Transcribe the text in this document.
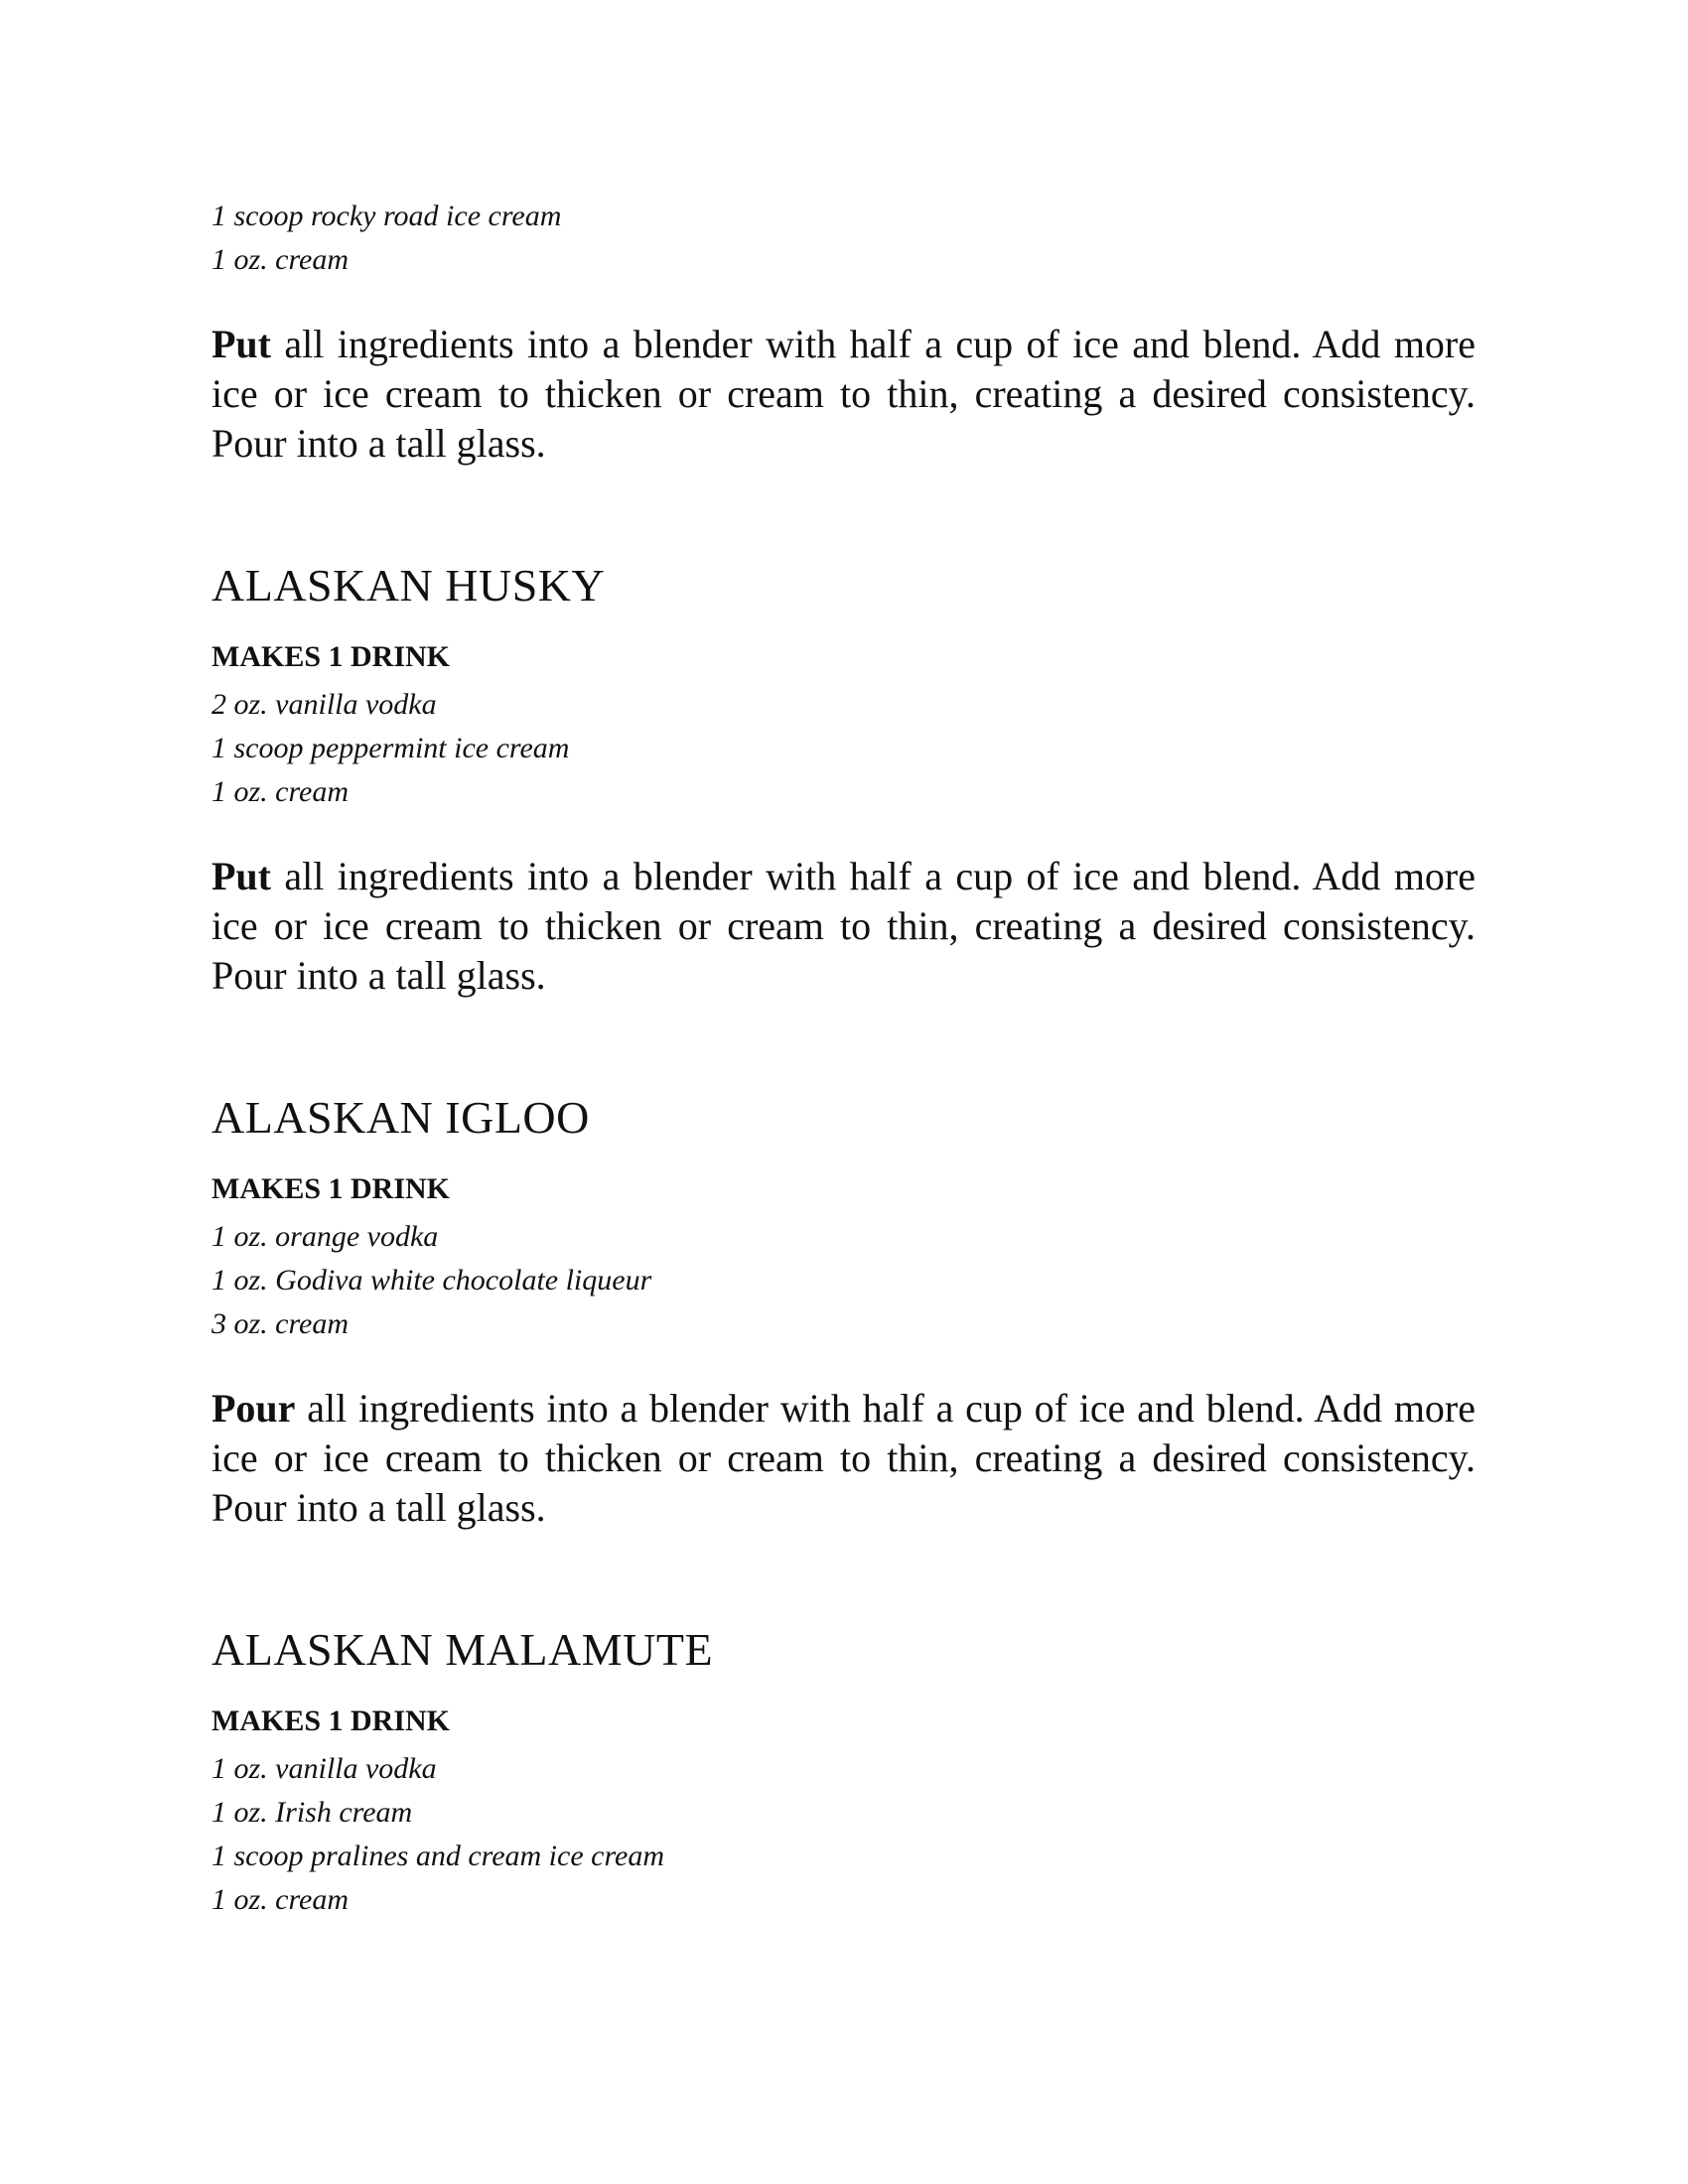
1 scoop rocky road ice cream

1 oz. cream

Put all ingredients into a blender with half a cup of ice and blend. Add more ice or ice cream to thicken or cream to thin, creating a desired consistency. Pour into a tall glass.

ALASKAN HUSKY

MAKES 1 DRINK

2 oz. vanilla vodka

1 scoop peppermint ice cream

1 oz. cream

Put all ingredients into a blender with half a cup of ice and blend. Add more ice or ice cream to thicken or cream to thin, creating a desired consistency. Pour into a tall glass.

ALASKAN IGLOO

MAKES 1 DRINK

1 oz. orange vodka

1 oz. Godiva white chocolate liqueur

3 oz. cream

Pour all ingredients into a blender with half a cup of ice and blend. Add more ice or ice cream to thicken or cream to thin, creating a desired consistency. Pour into a tall glass.

ALASKAN MALAMUTE

MAKES 1 DRINK

1 oz. vanilla vodka

1 oz. Irish cream

1 scoop pralines and cream ice cream

1 oz. cream
